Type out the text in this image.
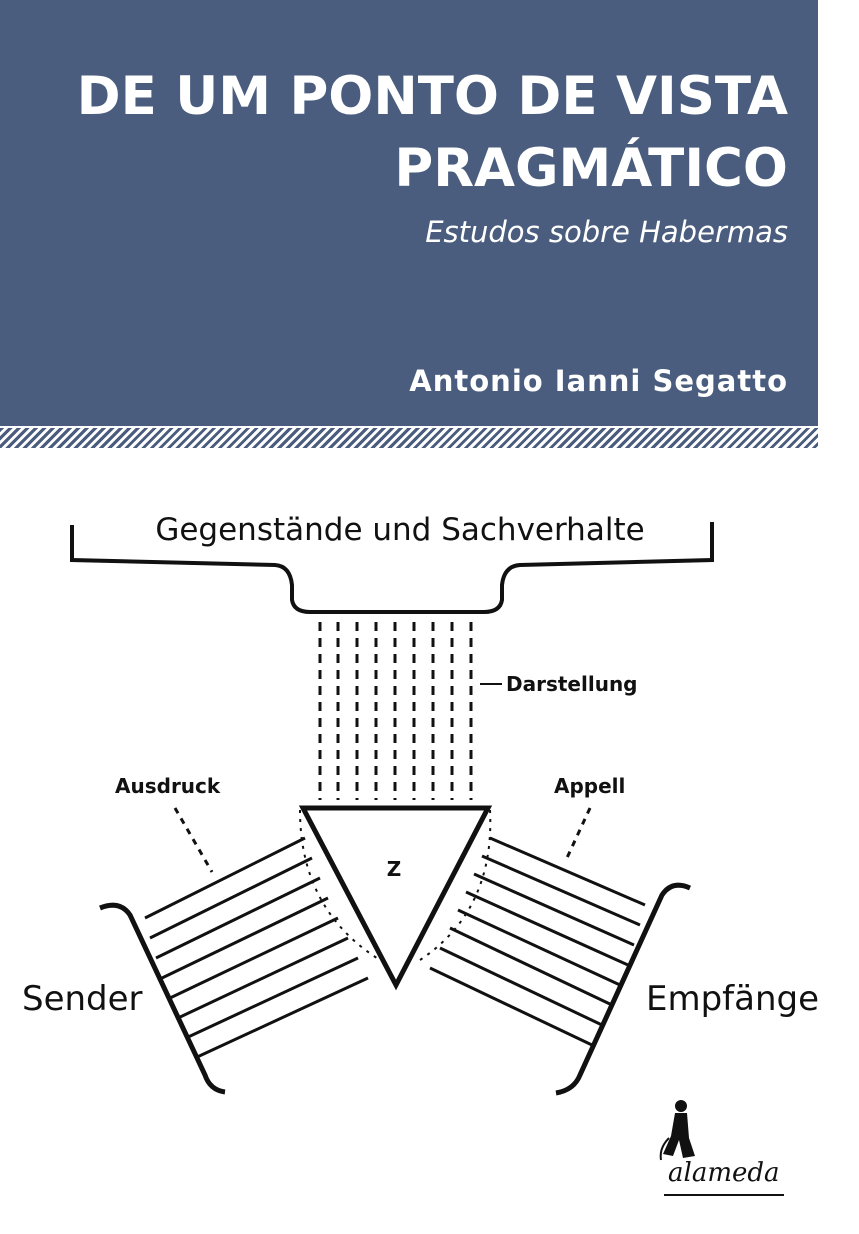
DE UM PONTO DE VISTA
PRAGMÁTICO
Estudos sobre Habermas
Antonio Ianni Segatto
Gegenstände und Sachverhalte
Darstellung
Ausdruck	Appell
Z
Sender	Empfänge
alameda
